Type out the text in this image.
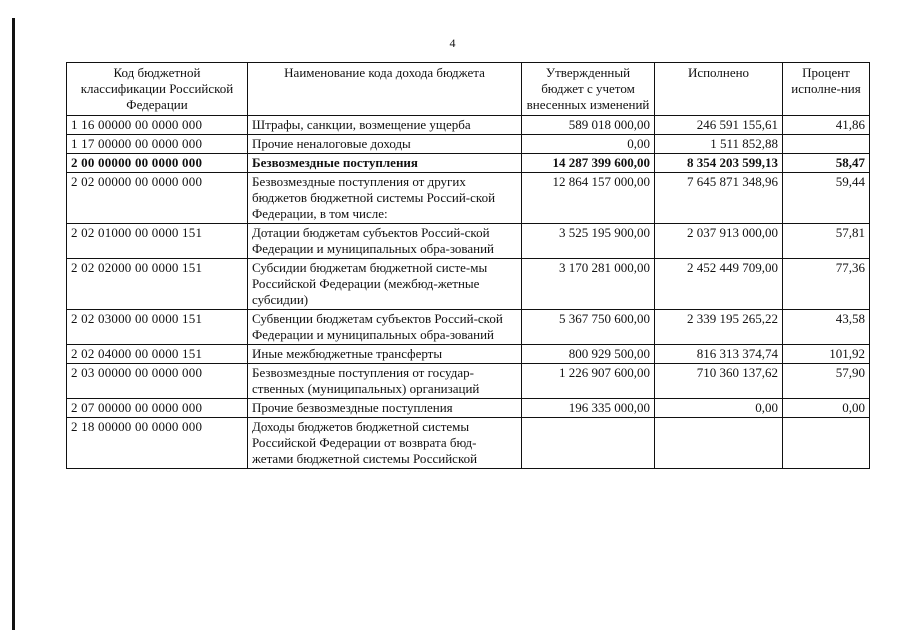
4
Код бюджетной классификации Российской Федерации	Наименование кода дохода бюджета	Утвержденный бюджет с учетом внесенных изменений	Исполнено	Процент исполне-ния
1 16 00000 00 0000 000	Штрафы, санкции, возмещение ущерба	589 018 000,00	246 591 155,61	41,86
1 17 00000 00 0000 000	Прочие неналоговые доходы	0,00	1 511 852,88	
2 00 00000 00 0000 000	Безвозмездные поступления	14 287 399 600,00	8 354 203 599,13	58,47
2 02 00000 00 0000 000	Безвозмездные поступления от других бюджетов бюджетной системы Россий-ской Федерации, в том числе:	12 864 157 000,00	7 645 871 348,96	59,44
2 02 01000 00 0000 151	Дотации бюджетам субъектов Россий-ской Федерации и муниципальных обра-зований	3 525 195 900,00	2 037 913 000,00	57,81
2 02 02000 00 0000 151	Субсидии бюджетам бюджетной систе-мы Российской Федерации (межбюд-жетные субсидии)	3 170 281 000,00	2 452 449 709,00	77,36
2 02 03000 00 0000 151	Субвенции бюджетам субъектов Россий-ской Федерации и муниципальных обра-зований	5 367 750 600,00	2 339 195 265,22	43,58
2 02 04000 00 0000 151	Иные межбюджетные трансферты	800 929 500,00	816 313 374,74	101,92
2 03 00000 00 0000 000	Безвозмездные поступления от государ-ственных (муниципальных) организаций	1 226 907 600,00	710 360 137,62	57,90
2 07 00000 00 0000 000	Прочие безвозмездные поступления	196 335 000,00	0,00	0,00
2 18 00000 00 0000 000	Доходы бюджетов бюджетной системы Российской Федерации от возврата бюд-жетами бюджетной системы Российской			
